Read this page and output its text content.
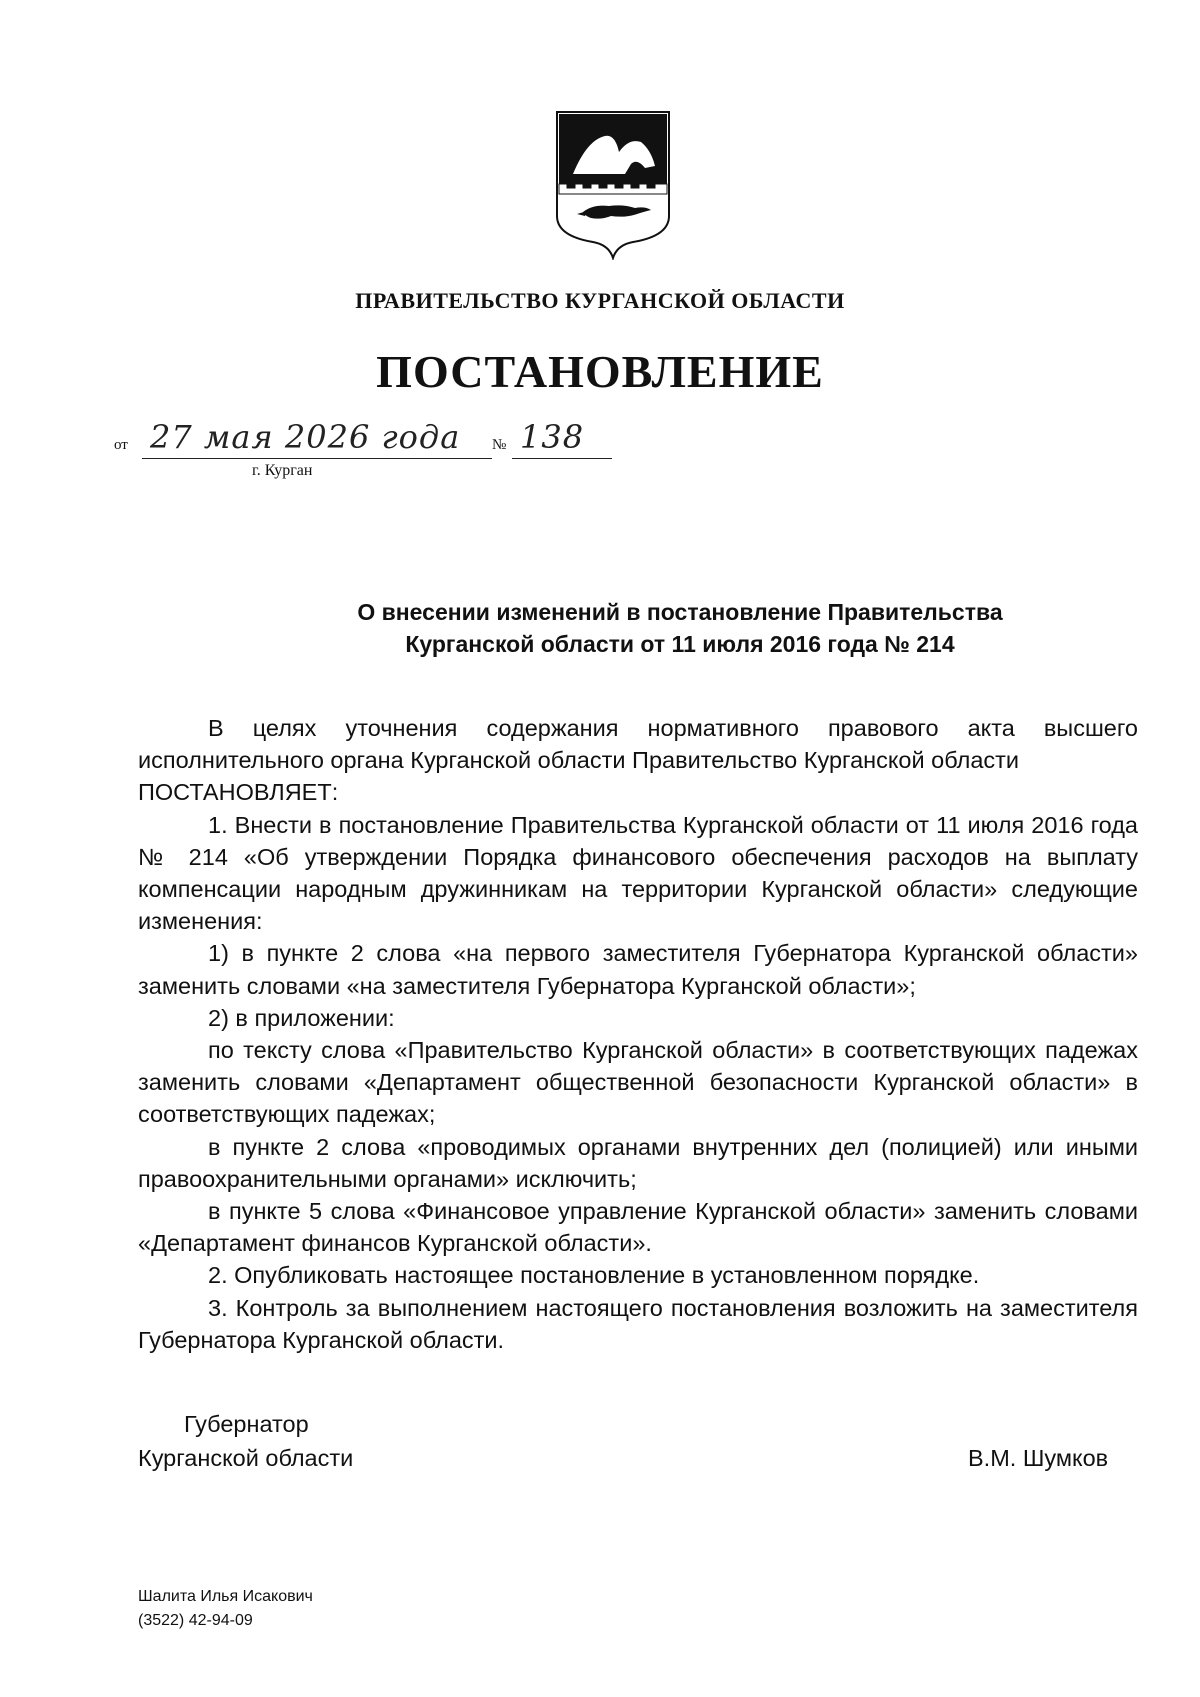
ПРАВИТЕЛЬСТВО КУРГАНСКОЙ ОБЛАСТИ
ПОСТАНОВЛЕНИЕ
от 27 мая 2026 года	№ 138
г. Курган
О внесении изменений в постановление Правительства
Курганской области от 11 июля 2016 года № 214

В целях уточнения содержания нормативного правового акта высшего исполнительного органа Курганской области Правительство Курганской области

ПОСТАНОВЛЯЕТ:

1. Внести в постановление Правительства Курганской области от 11 июля 2016 года № 214 «Об утверждении Порядка финансового обеспечения расходов на выплату компенсации народным дружинникам на территории Курганской области» следующие изменения:

1) в пункте 2 слова «на первого заместителя Губернатора Курганской области» заменить словами «на заместителя Губернатора Курганской области»;

2) в приложении:

по тексту слова «Правительство Курганской области» в соответствующих падежах заменить словами «Департамент общественной безопасности Курганской области» в соответствующих падежах;

в пункте 2 слова «проводимых органами внутренних дел (полицией) или иными правоохранительными органами» исключить;

в пункте 5 слова «Финансовое управление Курганской области» заменить словами «Департамент финансов Курганской области».

2. Опубликовать настоящее постановление в установленном порядке.

3. Контроль за выполнением настоящего постановления возложить на заместителя Губернатора Курганской области.

Губернатор
Курганской области	В.М. Шумков
Шалита Илья Исакович
(3522) 42-94-09
